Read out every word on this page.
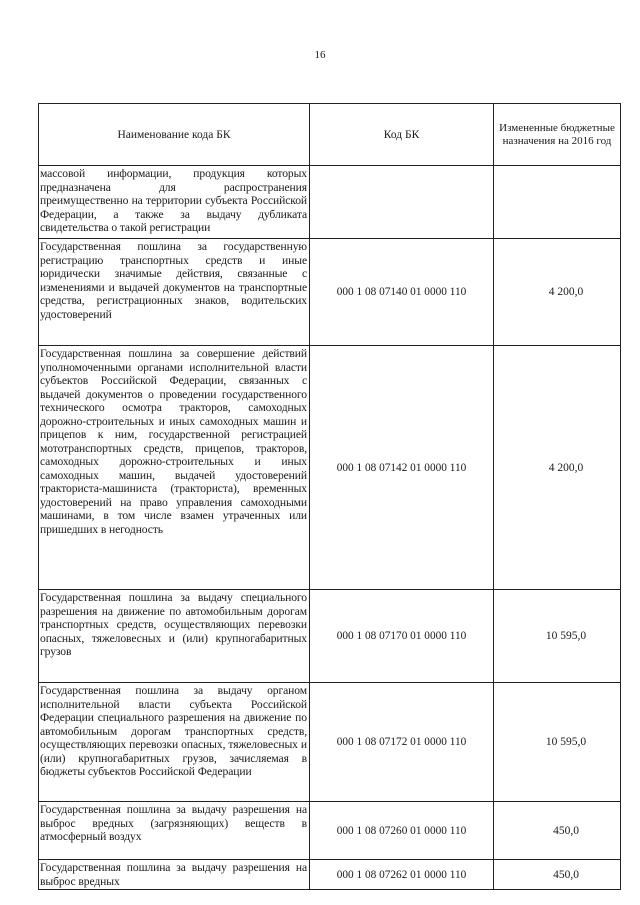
16
Наименование кода БК	Код БК	Измененные бюджетные назначения на 2016 год
массовой информации, продукция которых предназначена для распространения преимущественно на территории субъекта Российской Федерации, а также за выдачу дубликата свидетельства о такой регистрации		
Государственная пошлина за государственную регистрацию транспортных средств и иные юридически значимые действия, связанные с изменениями и выдачей документов на транспортные средства, регистрационных знаков, водительских удостоверений	000 1 08 07140 01 0000 110	4 200,0
Государственная пошлина за совершение действий уполномоченными органами исполнительной власти субъектов Российской Федерации, связанных с выдачей документов о проведении государственного технического осмотра тракторов, самоходных дорожно-строительных и иных самоходных машин и прицепов к ним, государственной регистрацией мототранспортных средств, прицепов, тракторов, самоходных дорожно-строительных и иных самоходных машин, выдачей удостоверений тракториста-машиниста (тракториста), временных удостоверений на право управления самоходными машинами, в том числе взамен утраченных или пришедших в негодность	000 1 08 07142 01 0000 110	4 200,0
Государственная пошлина за выдачу специального разрешения на движение по автомобильным дорогам транспортных средств, осуществляющих перевозки опасных, тяжеловесных и (или) крупногабаритных грузов	000 1 08 07170 01 0000 110	10 595,0
Государственная пошлина за выдачу органом исполнительной власти субъекта Российской Федерации специального разрешения на движение по автомобильным дорогам транспортных средств, осуществляющих перевозки опасных, тяжеловесных и (или) крупногабаритных грузов, зачисляемая в бюджеты субъектов Российской Федерации	000 1 08 07172 01 0000 110	10 595,0
Государственная пошлина за выдачу разрешения на выброс вредных (загрязняющих) веществ в атмосферный воздух	000 1 08 07260 01 0000 110	450,0
Государственная пошлина за выдачу разрешения на выброс вредных	000 1 08 07262 01 0000 110	450,0
